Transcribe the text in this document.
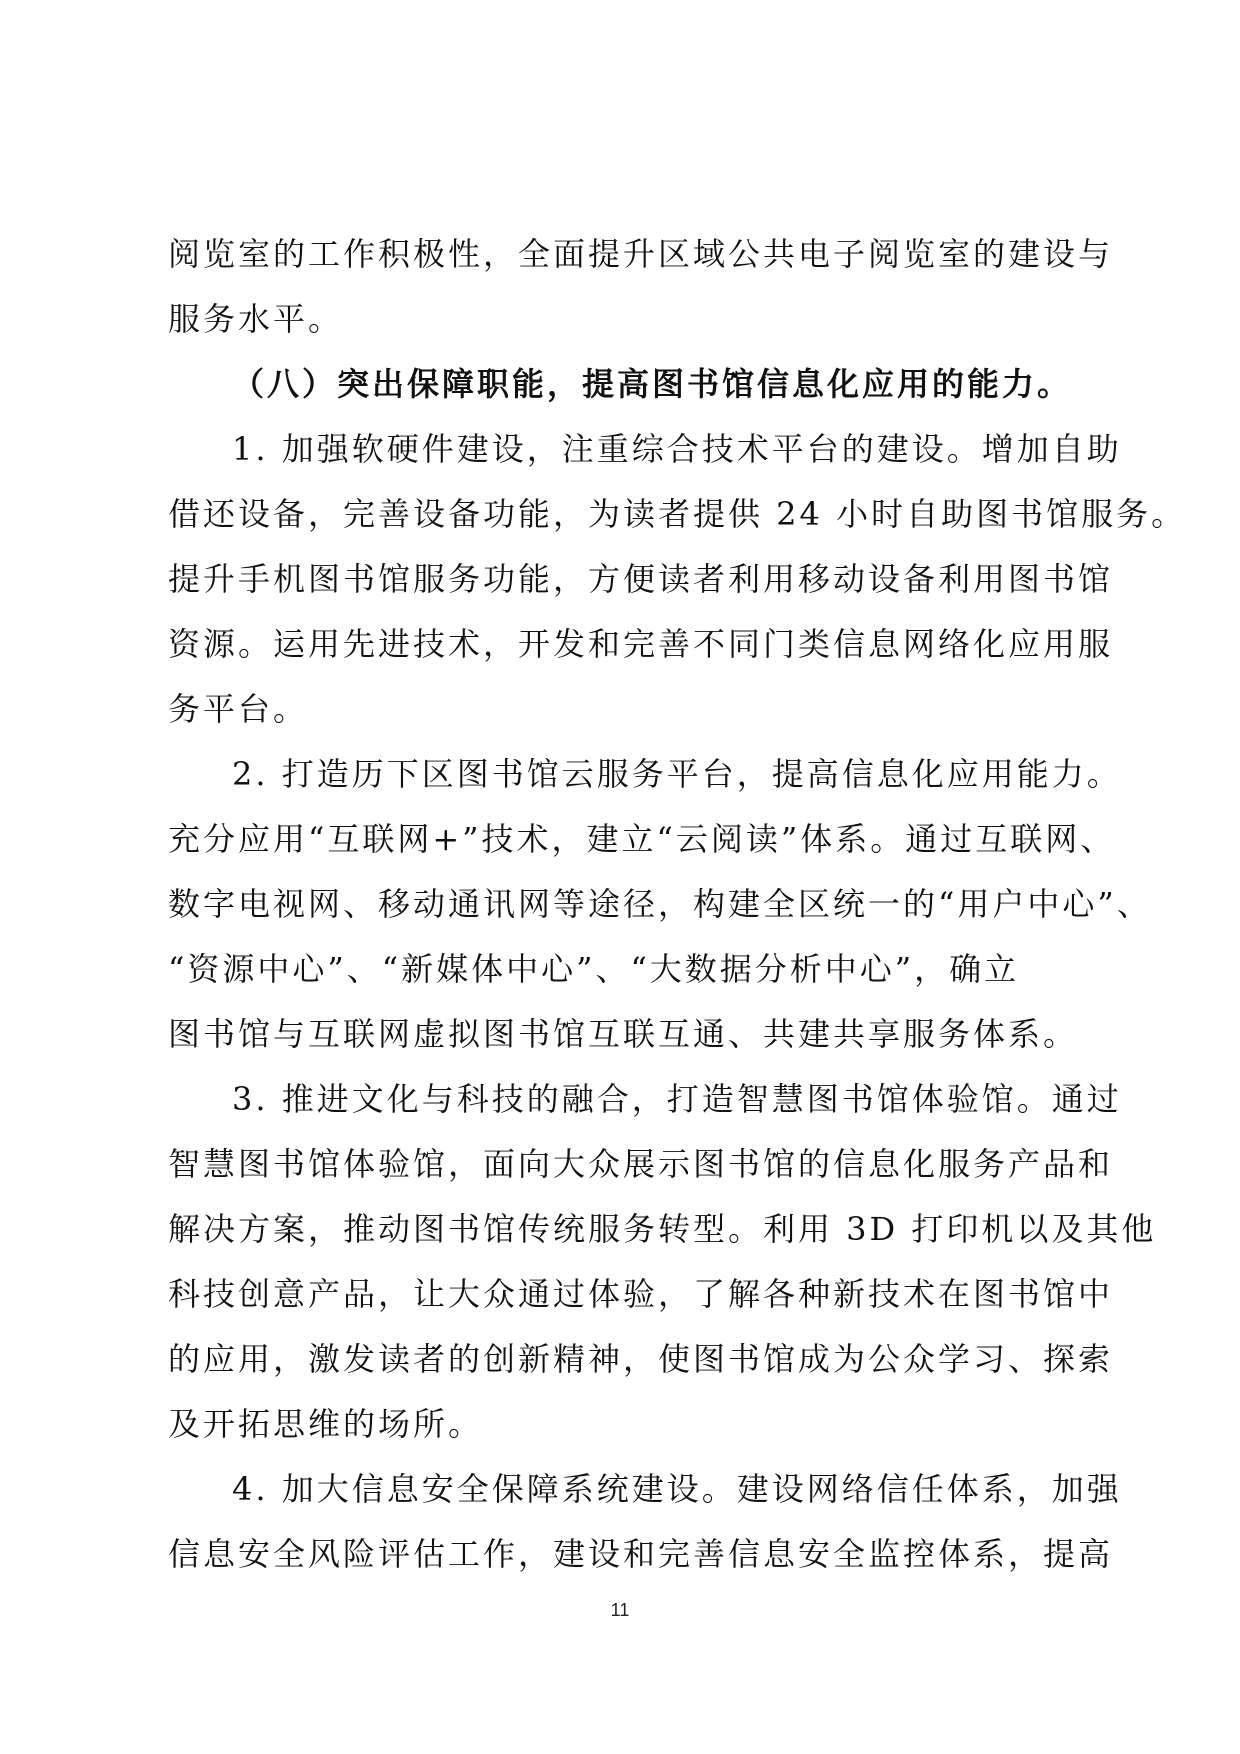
阅览室的工作积极性，全面提升区域公共电子阅览室的建设与
服务水平。
（八）突出保障职能，提高图书馆信息化应用的能力。
1. 加强软硬件建设，注重综合技术平台的建设。增加自助
借还设备，完善设备功能，为读者提供 24 小时自助图书馆服务。
提升手机图书馆服务功能，方便读者利用移动设备利用图书馆
资源。运用先进技术，开发和完善不同门类信息网络化应用服
务平台。
2. 打造历下区图书馆云服务平台，提高信息化应用能力。
充分应用“互联网+”技术，建立“云阅读”体系。通过互联网、
数字电视网、移动通讯网等途径，构建全区统一的“用户中心”、
“资源中心”、“新媒体中心”、“大数据分析中心”，确立
图书馆与互联网虚拟图书馆互联互通、共建共享服务体系。
3. 推进文化与科技的融合，打造智慧图书馆体验馆。通过
智慧图书馆体验馆，面向大众展示图书馆的信息化服务产品和
解决方案，推动图书馆传统服务转型。利用 3D 打印机以及其他
科技创意产品，让大众通过体验，了解各种新技术在图书馆中
的应用，激发读者的创新精神，使图书馆成为公众学习、探索
及开拓思维的场所。
4. 加大信息安全保障系统建设。建设网络信任体系，加强
信息安全风险评估工作，建设和完善信息安全监控体系，提高
11
